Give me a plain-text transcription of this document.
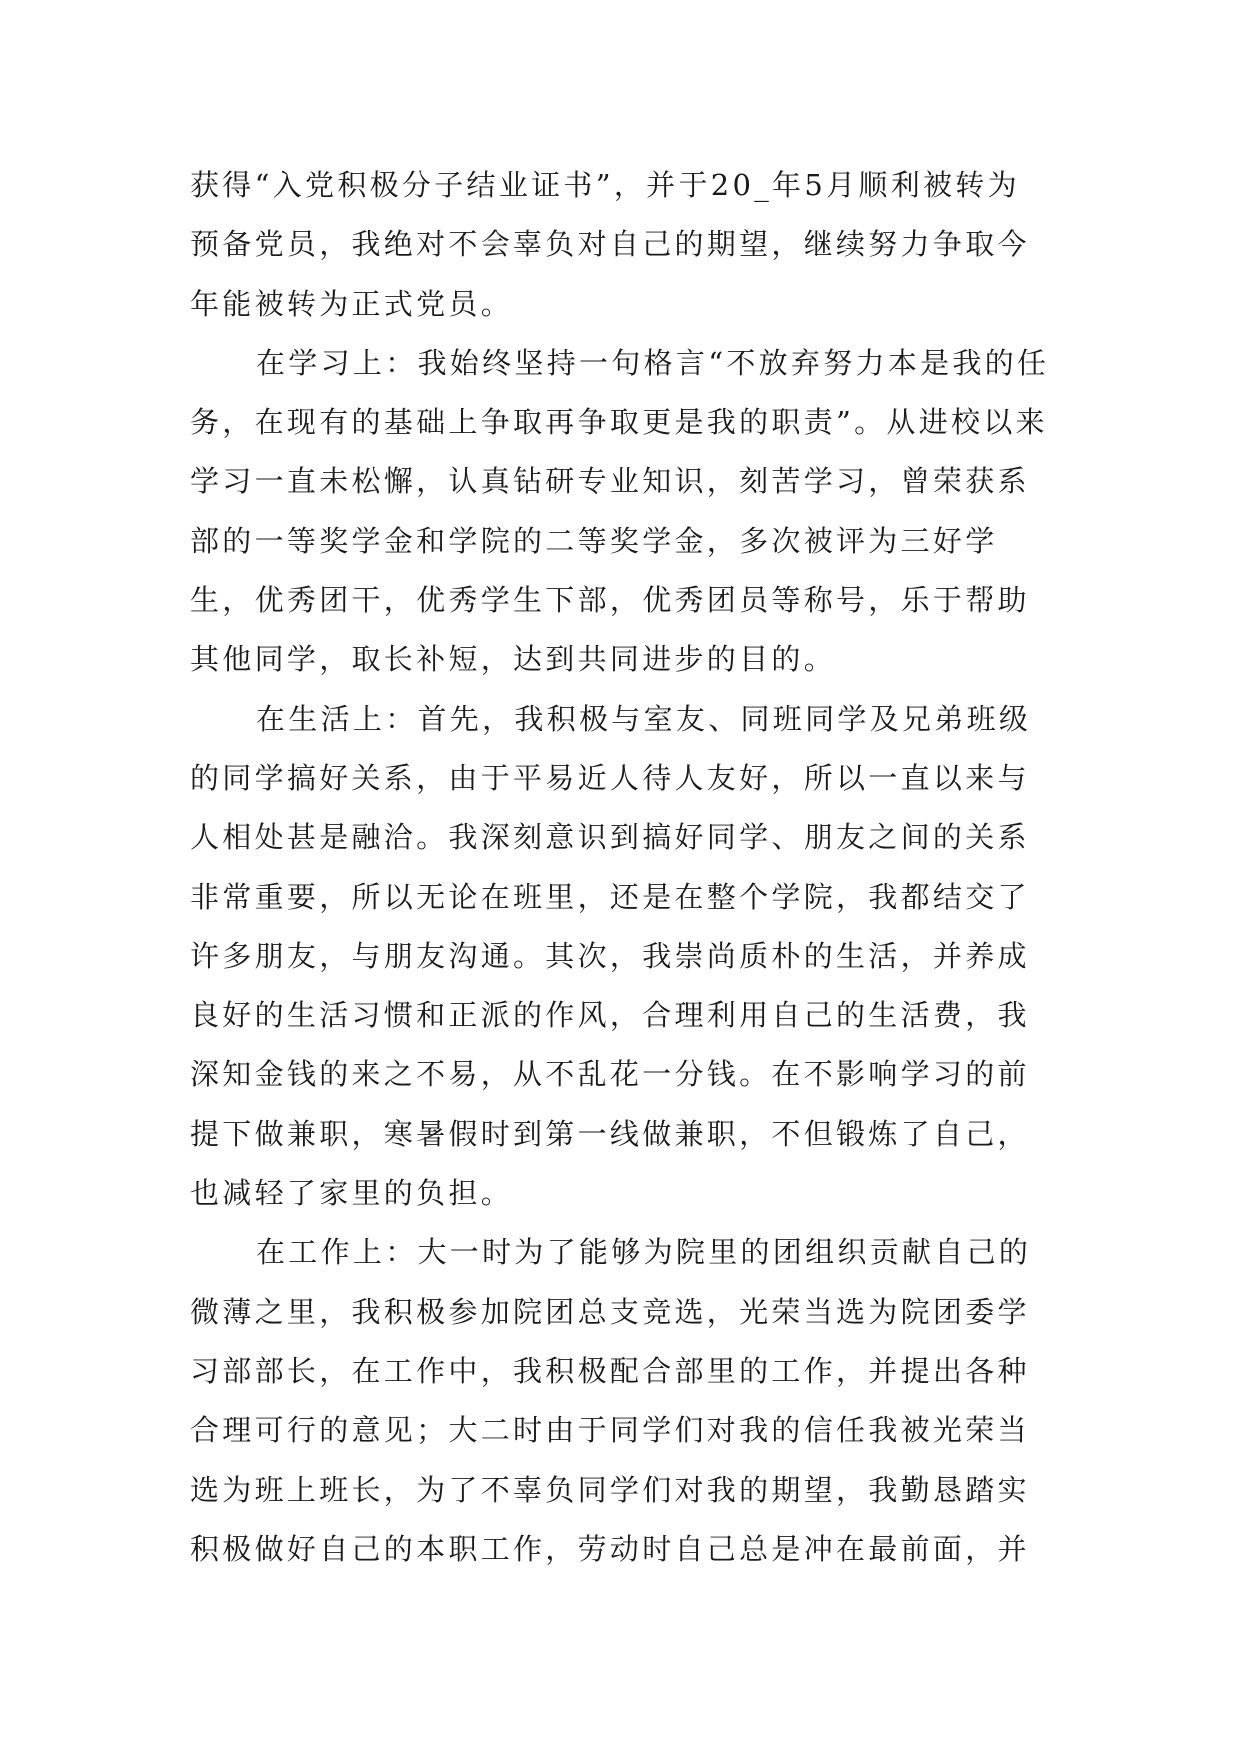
获得“入党积极分子结业证书”，并于20_年5月顺利被转为预备党员，我绝对不会辜负对自己的期望，继续努力争取今年能被转为正式党员。

在学习上：我始终坚持一句格言“不放弃努力本是我的任务，在现有的基础上争取再争取更是我的职责”。从进校以来学习一直未松懈，认真钻研专业知识，刻苦学习，曾荣获系部的一等奖学金和学院的二等奖学金，多次被评为三好学生，优秀团干，优秀学生下部，优秀团员等称号，乐于帮助其他同学，取长补短，达到共同进步的目的。

在生活上：首先，我积极与室友、同班同学及兄弟班级的同学搞好关系，由于平易近人待人友好，所以一直以来与人相处甚是融洽。我深刻意识到搞好同学、朋友之间的关系非常重要，所以无论在班里，还是在整个学院，我都结交了许多朋友，与朋友沟通。其次，我崇尚质朴的生活，并养成良好的生活习惯和正派的作风，合理利用自己的生活费，我深知金钱的来之不易，从不乱花一分钱。在不影响学习的前提下做兼职，寒暑假时到第一线做兼职，不但锻炼了自己，也减轻了家里的负担。

在工作上：大一时为了能够为院里的团组织贡献自己的微薄之里，我积极参加院团总支竞选，光荣当选为院团委学习部部长，在工作中，我积极配合部里的工作，并提出各种合理可行的意见；大二时由于同学们对我的信任我被光荣当选为班上班长，为了不辜负同学们对我的期望，我勤恳踏实积极做好自己的本职工作，劳动时自己总是冲在最前面，并
